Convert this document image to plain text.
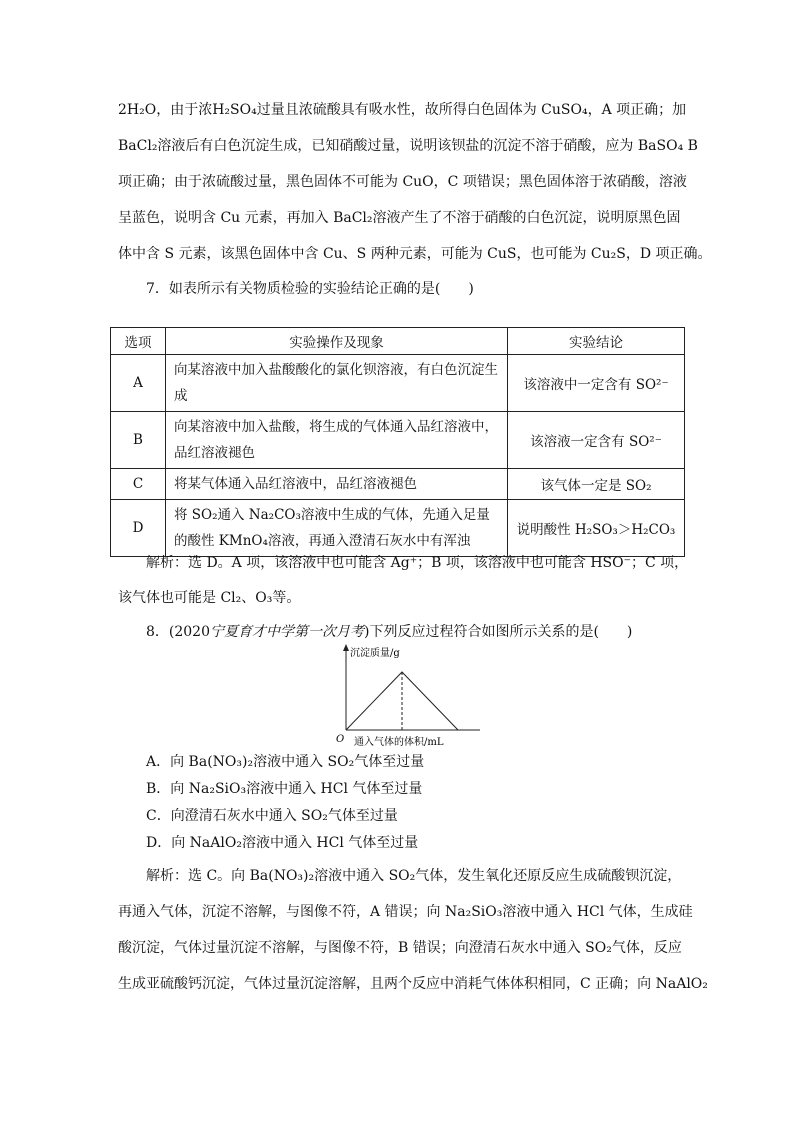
2H₂O，由于浓H₂SO₄过量且浓硫酸具有吸水性，故所得白色固体为 CuSO₄，A 项正确；加
BaCl₂溶液后有白色沉淀生成，已知硝酸过量，说明该钡盐的沉淀不溶于硝酸，应为 BaSO₄ B
项正确；由于浓硫酸过量，黑色固体不可能为 CuO，C 项错误；黑色固体溶于浓硝酸，溶液
呈蓝色，说明含 Cu 元素，再加入 BaCl₂溶液产生了不溶于硝酸的白色沉淀，说明原黑色固
体中含 S 元素，该黑色固体中含 Cu、S 两种元素，可能为 CuS，也可能为 Cu₂S，D 项正确。
7．如表所示有关物质检验的实验结论正确的是(　　)
选项	实验操作及现象	实验结论
A	向某溶液中加入盐酸酸化的氯化钡溶液，有白色沉淀生成	该溶液中一定含有 SO²⁻
B	向某溶液中加入盐酸，将生成的气体通入品红溶液中，品红溶液褪色	该溶液一定含有 SO²⁻
C	将某气体通入品红溶液中，品红溶液褪色	该气体一定是 SO₂
D	将 SO₂通入 Na₂CO₃溶液中生成的气体，先通入足量的酸性 KMnO₄溶液，再通入澄清石灰水中有浑浊	说明酸性 H₂SO₃＞H₂CO₃
解析：选 D。A 项，该溶液中也可能含 Ag⁺；B 项，该溶液中也可能含 HSO⁻；C 项，
该气体也可能是 Cl₂、O₃等。
8．(2020宁夏育才中学第一次月考)下列反应过程符合如图所示关系的是(　　)
沉淀质量/g
O 通入气体的体积/mL
A．向 Ba(NO₃)₂溶液中通入 SO₂气体至过量
B．向 Na₂SiO₃溶液中通入 HCl 气体至过量
C．向澄清石灰水中通入 SO₂气体至过量
D．向 NaAlO₂溶液中通入 HCl 气体至过量
解析：选 C。向 Ba(NO₃)₂溶液中通入 SO₂气体，发生氧化还原反应生成硫酸钡沉淀，
再通入气体，沉淀不溶解，与图像不符，A 错误；向 Na₂SiO₃溶液中通入 HCl 气体，生成硅
酸沉淀，气体过量沉淀不溶解，与图像不符，B 错误；向澄清石灰水中通入 SO₂气体，反应
生成亚硫酸钙沉淀，气体过量沉淀溶解，且两个反应中消耗气体体积相同，C 正确；向 NaAlO₂
